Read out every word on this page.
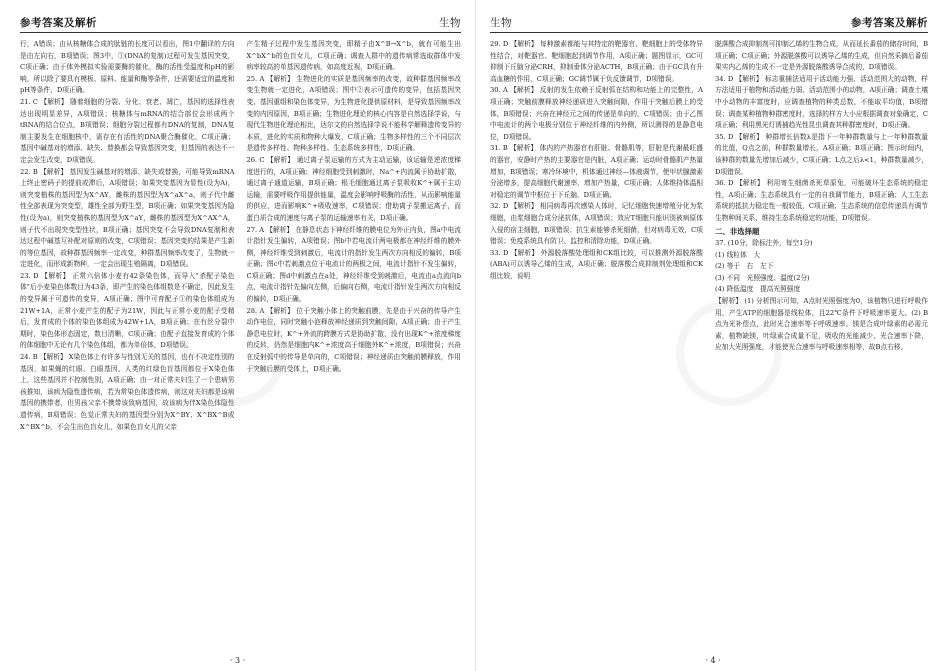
参考答案及解析	生物

行，A错误；由从核糖体合成的肽链的长度可以看出，图1中翻译的方向是由左向右，B项错误；图3中，①(DNA的复制)过程可发生基因突变，C项正确；由于体外模拟实验需要酶的催化，酶的活性受温度和pH的影响，所以除了要具有模板、原料、能量和酶等条件，还需要适宜的温度和pH等条件，D项正确。

21. C 【解析】 随着细胞的分裂、分化、衰老、凋亡，基因的选择性表达出现明显差异，A项错误；核糖体与mRNA的结合部位会形成两个tRNA的结合位点，B项错误；细胞分裂过程都有DNA的复制，DNA复制主要发生在细胞核中，需存在有活性的DNA聚合酶催化，C项正确；基因中碱基对的增添、缺失、替换都会导致基因突变，但基因的表达不一定会发生改变，D项错误。

22. B 【解析】 基因发生碱基对的增添、缺失或替换，可能导致mRNA上终止密码子的提前或滞后，A项错误；如果突变基因为显性(设为A)，则突变植株的基因型为X^AY，雌株的基因型为X^aX^a，则子代中雌性全部表现为突变型，雄性全部为野生型，B项正确；如果突变基因为隐性(设为a)，则突变植株的基因型为X^aY，雌株的基因型为X^AX^A，则子代不出现突变型性状，B项正确；基因突变不会导致DNA复制和表达过程中碱基互补配对原则的改变，C项错误；基因突变的结果是产生新的等位基因，故种群基因频率一定改变，种群基因频率改变了，生物就一定进化，而形成新物种，一定会出现生殖隔离，D项错误。

23. D 【解析】 正常六倍体小麦有42条染色体，而导入"杀配子染色体"后小麦染色体数目为43条，即产生的染色体组数是不确定，因此发生的变异属于可遗传的变异，A项正确；图中可育配子①的染色体组成为21W+1A，正常小麦产生的配子为21W，因此与正常小麦的配子受精后，发育成的个体的染色体组成为42W+1A，B项正确；在有丝分裂中期时，染色体形态固定，数目清晰，C项正确；由配子直接发育成的个体的体细胞中无论有几个染色体组，都为单倍体，D项错误。

24. B 【解析】 X染色体上有许多与性别无关的基因，也有不决定性别的基因，如果蝇的红眼、白眼基因、人类的红绿色盲基因都位于X染色体上，这些基因并不控制性别，A项正确；由一对正常夫妇生了一个患病男孩推知，该病为隐性遗传病，若为常染色体遗传病，则这对夫妇都是该病基因的携带者，但男孩父亲不携带该致病基因，故该病为伴X染色体隐性遗传病，B项错误；色觉正常夫妇的基因型分别为X^BY、X^BX^B或X^BX^b，不会生出色盲女儿，如果色盲女儿的父亲

产生精子过程中发生基因突变，即精子由X^B→X^b，就有可能生出X^bX^b的色盲女儿，C项正确；调查人群中的遗传病常选取群体中发病率较高的单基因遗传病，如高度近视，D项正确。

25. A 【解析】 生物进化的实质是基因频率的改变，故种群基因频率改变生物就一定进化，A项错误；图中②表示可遗传的变异，包括基因突变、基因重组和染色体变异，为生物进化提供原材料，是导致基因频率改变的内因原因，B项正确；生物进化理论的核心内容是自然选择学说，与现代生物进化理论相比，达尔文的自然选择学说不能科学解释遗传变异的本质，进化的实质和物种大爆发，C项正确；生物多样性的三个不同层次是遗传多样性、物种多样性、生态系统多样性，D项正确。

26. C 【解析】 通过离子泵运输的方式为主动运输，该运输是逆浓度梯度进行的，A项正确；神经细胞受到刺激时，Na^+内流属于协助扩散，通过离子通道运输，B项正确；根毛细胞通过离子泵吸收K^+属于主动运输，需要呼吸作用提供能量，温度会影响呼吸酶的活性，从而影响能量的供应，进而影响K^+吸收速率，C项错误；借助离子泵搬运离子，而蛋白质合成的速度与离子泵的运输速率有关，D项正确。

27. A 【解析】 在静息状态下神经纤维的膜电位为外正内负，图a中电流计指针发生偏转，A项错误；图b中若电流计两电极都在神经纤维的膜外侧，神经纤维受到刺激后，电流计的指针发生两次方向相反的偏转，B项正确；图c中若刺激点位于电流计的两极之间，电流计指针不发生偏转，C项正确；图d中刺激点在a处，神经纤维受到刺激后，电流由a点流向b点，电流计指针先偏向左侧，后偏向右侧，电流计指针发生两次方向相反的偏转，D项正确。

28. A 【解析】 位于突触小体上的突触前膜，先是由于兴奋的传导产生动作电位，同时突触小泡释放神经递质到突触间隙，A项正确；由于产生静息电位时，K^+外流的跨膜方式是协助扩散，没有出现K^+浓度梯度的反转，仍然是细胞内K^+浓度高于细胞外K^+浓度，B项错误；兴奋在反射弧中的传导是单向的，C项错误；神经递质由突触前膜释放，作用于突触后膜的受体上，D项正确。

· 3 ·
生物	参考答案及解析

29. D 【解析】 每种激素都能与其特定的靶器官、靶细胞上的受体特异性结合，对靶器官、靶细胞起到调节作用，A项正确；题图显示，GC可抑制下丘脑分泌CRH，抑制垂体分泌ACTH，B项正确；由于GC具有升高血糖的作用，C项正确；GC调节属于负反馈调节，D项错误。

30. A 【解析】 反射的发生依赖于反射弧在结构和功能上的完整性，A项正确；突触前膜释放神经递质进入突触间隙，作用于突触后膜上的受体，B项错误；兴奋在神经元之间的传递是单向的，C项错误；由于乙图中电流计的两个电极分别位于神经纤维的内外侧，所以测得的是静息电位，D项错误。

31. B 【解析】 体内的产热器官有肝脏、骨骼肌等，肝脏是代谢最旺盛的器官，安静时产热的主要器官是内脏，A项正确；运动时骨骼肌产热量增加，B项错误；寒冷环境中，机体通过神经—体液调节，使甲状腺激素分泌增多，提高细胞代谢速率，增加产热量，C项正确；人体维持体温相对稳定的调节中枢位于下丘脑，D项正确。

32. D 【解析】 相同病毒再次感染人体时，记忆细胞快速增殖分化为浆细胞，由浆细胞合成分泌抗体，A项错误；效应T细胞只能识别被病原体入侵的宿主细胞，B项错误；抗生素能够杀死细菌，但对病毒无效，C项错误；免疫系统具有防卫、监控和清除功能，D项正确。

33. D 【解析】 外源脱落酸处理组和CK组比较，可以推测外源脱落酸(ABA)可以诱导乙烯的生成，A项正确；脱落酸合成抑制剂处理组和CK组比较，说明

脱落酸合成抑制剂可抑制乙烯的生物合成，从而延长番茄的储存时间，B项正确；C项正确；外源脱落酸可以诱导乙烯的生成，但自然采摘后番茄果实内乙烯的生成不一定是外源脱落酸诱导合成的，D项错误。

34. D 【解析】 标志重捕法适用于活动能力强、活动范围大的动物，样方法适用于植物和活动能力弱、活动范围小的动物，A项正确；调查土壤中小动物的丰富度时，应调查植物的种类总数，不能取平均值，B项错误；调查某种植物种群密度时，选择的样方大小应根据调查对象确定，C项正确；利用黑光灯诱捕趋光性昆虫调查其种群密度时，D项正确。

35. D 【解析】 种群增长倍数λ是指下一年种群数量与上一年种群数量的比值，Q点之前，种群数量增长，A项正确；B项正确；图示时间内，该种群的数量先增加后减少，C项正确；L点之后λ<1，种群数量减少，D项错误。

36. D 【解析】 利用寄生细菌杀死草原兔，可能破坏生态系统的稳定性，A项正确；生态系统具有一定的自我调节能力，B项正确；人工生态系统的抵抗力稳定性一般较低，C项正确；生态系统的信息传递具有调节生物种间关系、维持生态系统稳定的功能，D项错误。

二、非选择题

37. (10分，除标注外，每空1分)

(1) 线粒体　大

(2) 等于　右　左下

(3) 不同　光照强度、温度(2分)

(4) 降低温度　提高光照强度

【解析】 (1) 分析图示可知，A点时光照强度为0，该植物只进行呼吸作用，产生ATP的细胞器是线粒体，且22℃条件下呼吸速率更大。(2) B点为光补偿点，此时光合速率等于呼吸速率。镁是合成叶绿素的必需元素，植物缺镁，叶绿素合成量不足，吸收的光能减少，光合速率下降，应加大光照强度，才能使光合速率与呼吸速率相等，故B点右移。

· 4 ·
